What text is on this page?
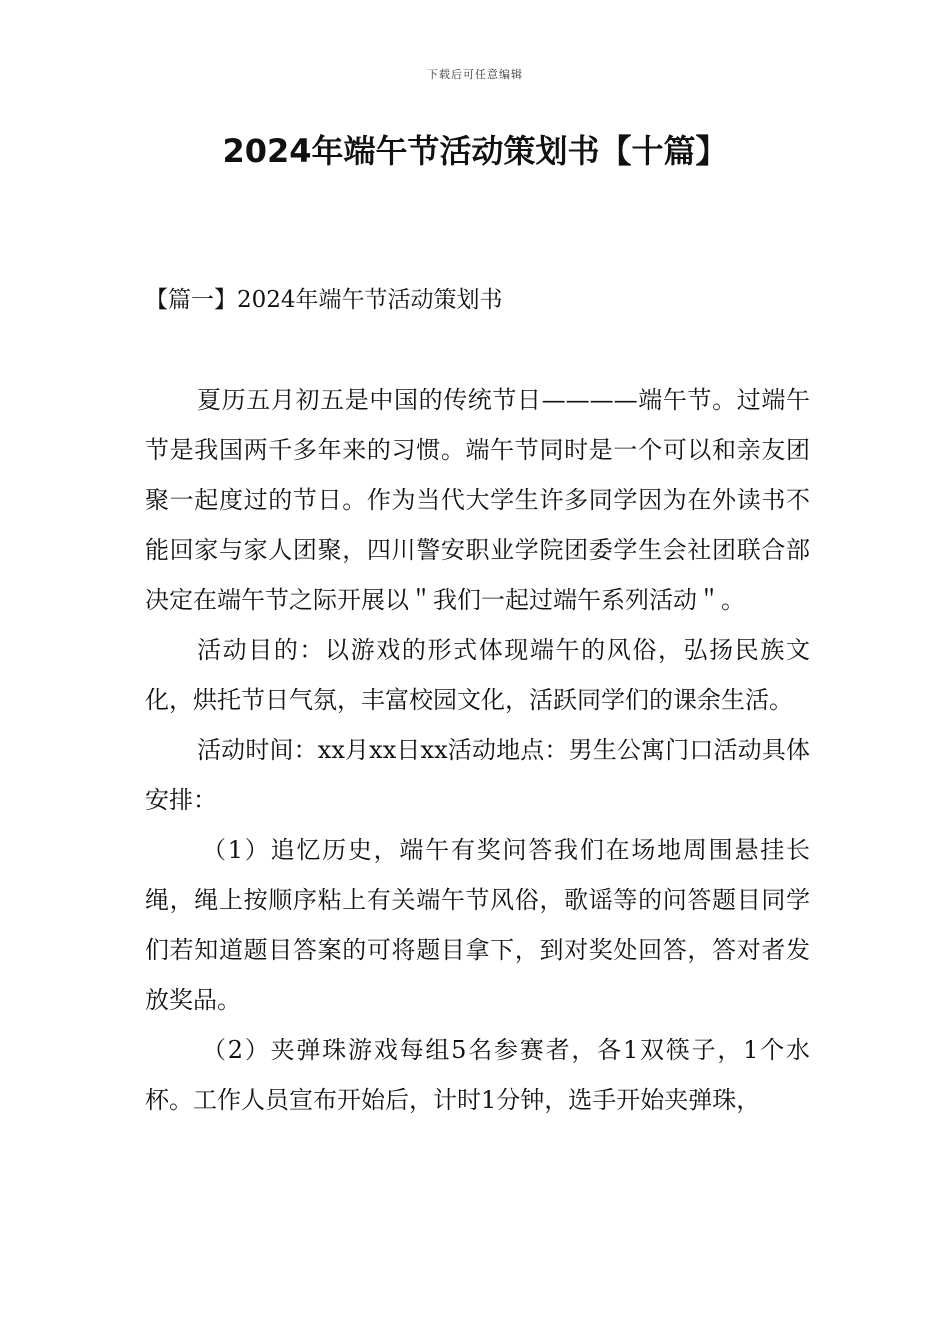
下载后可任意编辑
2024年端午节活动策划书【十篇】
【篇一】2024年端午节活动策划书

夏历五月初五是中国的传统节日————端午节。过端午节是我国两千多年来的习惯。端午节同时是一个可以和亲友团聚一起度过的节日。作为当代大学生许多同学因为在外读书不能回家与家人团聚，四川警安职业学院团委学生会社团联合部决定在端午节之际开展以＂我们一起过端午系列活动＂。

活动目的：以游戏的形式体现端午的风俗，弘扬民族文化，烘托节日气氛，丰富校园文化，活跃同学们的课余生活。

活动时间：xx月xx日xx活动地点：男生公寓门口活动具体安排：

（1）追忆历史，端午有奖问答我们在场地周围悬挂长绳，绳上按顺序粘上有关端午节风俗，歌谣等的问答题目同学们若知道题目答案的可将题目拿下，到对奖处回答，答对者发放奖品。

（2）夹弹珠游戏每组5名参赛者，各1双筷子，1个水杯。工作人员宣布开始后，计时1分钟，选手开始夹弹珠，
